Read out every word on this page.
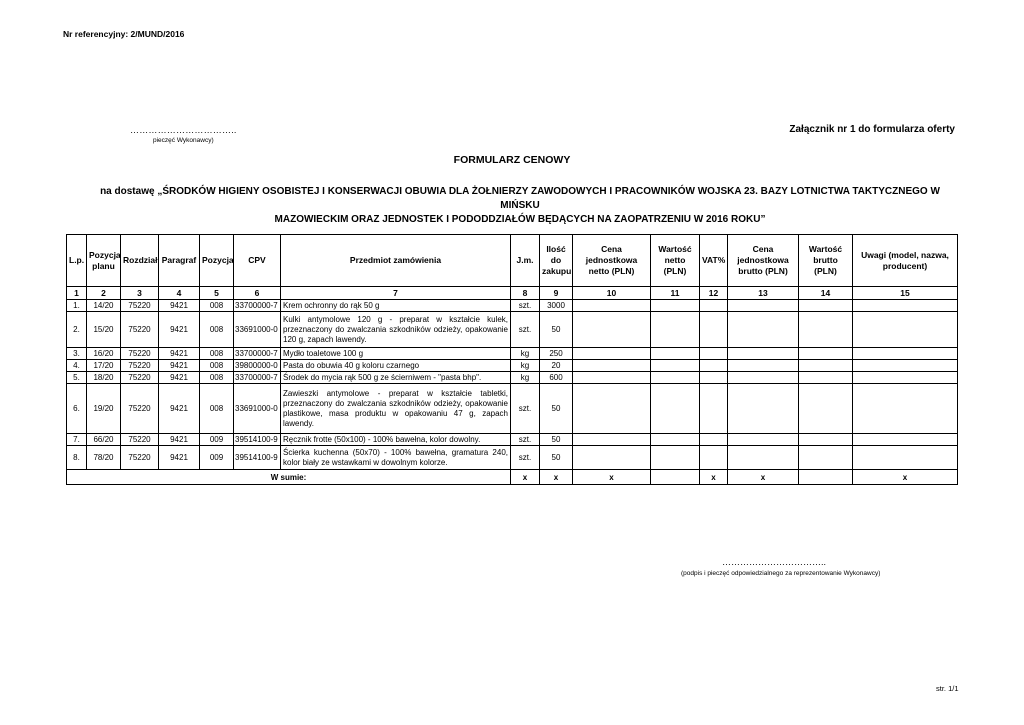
Nr referencyjny: 2/MUND/2016
……………………………..
pieczęć Wykonawcy)
Załącznik nr 1 do formularza oferty
FORMULARZ CENOWY
na dostawę „ŚRODKÓW HIGIENY OSOBISTEJ I KONSERWACJI OBUWIA DLA ŻOŁNIERZY ZAWODOWYCH I PRACOWNIKÓW WOJSKA 23. BAZY LOTNICTWA TAKTYCZNEGO W MIŃSKU
MAZOWIECKIM ORAZ JEDNOSTEK I PODODDZIAŁÓW BĘDĄCYCH NA ZAOPATRZENIU W 2016 ROKU”
L.p.	Pozycja planu	Rozdział	Paragraf	Pozycja	CPV	Przedmiot zamówienia	J.m.	Ilość do zakupu	Cena jednostkowa netto (PLN)	Wartość netto (PLN)	VAT%	Cena jednostkowa brutto (PLN)	Wartość brutto (PLN)	Uwagi (model, nazwa, producent)
1	2	3	4	5	6	7	8	9	10	11	12	13	14	15
1.	14/20	75220	9421	008	33700000-7	Krem ochronny do rąk 50 g	szt.	3000						
2.	15/20	75220	9421	008	33691000-0	Kulki antymolowe 120 g - preparat w kształcie kulek, przeznaczony do zwalczania szkodników odzieży, opakowanie 120 g, zapach lawendy.	szt.	50						
3.	16/20	75220	9421	008	33700000-7	Mydło toaletowe 100 g	kg	250						
4.	17/20	75220	9421	008	39800000-0	Pasta do obuwia 40 g koloru czarnego	kg	20						
5.	18/20	75220	9421	008	33700000-7	Środek do mycia rąk 500 g ze ścierniwem - "pasta bhp".	kg	600						
6.	19/20	75220	9421	008	33691000-0	Zawieszki antymolowe - preparat w kształcie tabletki, przeznaczony do zwalczania szkodników odzieży, opakowanie plastikowe, masa produktu w opakowaniu 47 g, zapach lawendy.	szt.	50						
7.	66/20	75220	9421	009	39514100-9	Ręcznik frotte (50x100) - 100% bawełna, kolor dowolny.	szt.	50						
8.	78/20	75220	9421	009	39514100-9	Ścierka kuchenna (50x70) - 100% bawełna, gramatura 240, kolor biały ze wstawkami w dowolnym kolorze.	szt.	50						
W sumie:							x	x	x		x	x		x
……………………………..
(podpis i pieczęć odpowiedzialnego za reprezentowanie Wykonawcy)
str. 1/1
